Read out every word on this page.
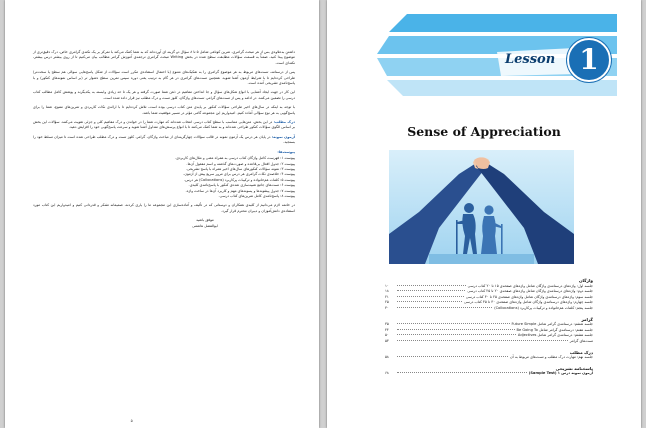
داشتنِ به‌علاوه‌ی بس از هر مبحث گرامری، تمرین کوتاهی شامل ۵ تا ۸ سؤال دو گزینه ای آورده‌اند که به شما کمک می‌کند با تمرکز بر یک نکته‌ی گرامری خاص، درک دقیق‌تری از موضوع پیدا کنید. ضمناً به قسمت سؤالات مطابقت سطح شده در بخش Writing مبحث گرامری ترجمه‌ی آموزش گرامر مطالب بیان می‌کنیم تا از روی بیشتر درس بیشتر، نکته‌ای است.

پس از درسنامه، تست‌های مربوط به هر موضوع گرامری را به تفکیک‌های متنوع (با احتمال استفاده‌ی مکرر است سؤالات از شکل پاسخ‌هایی سوالی هم سطح یا سخت‌تر) طراحی کرده‌ایم تا با شرایط آزمون آشنا شوید. همچنین تست‌های گرامری در هر گام به ترتیب یعنی دوره سپس تمرین سطح دشوار تر (بر اساس نمونه‌های کنکور) و با پاسخ‌نامه‌ی تشریحی آمده است.

این کار در جهت ایجاد آشنایی با انواع شکل‌های سؤال و جا انداختن مفاهیم در ذهن شما صورت گرفته و هر یک تا حد زیادی وابسته به یکدیگرند و پوشش کامل مطالب کتاب درسی را تضمین می‌کنند. در ادامه و پس از تست‌های گرامر، تست‌های واژگان، کلوز تست و درک مطلب نیز قرار داده شده است.

با توجه به اینکه در سال‌های اخیر طراحی سؤالات کنکور بر پایه‌ی متن کتاب درسی بوده است، تلاش کرده‌ایم تا با ارائه‌ی نکات کاربردی و تمرین‌های متنوع، شما را برای پاسخ‌گویی به هر نوع سؤالی آماده کنیم. امیدواریم این مجموعه گامی مؤثر در مسیر موفقیت شما باشد.

درک مطلب: در این بخش، متن‌هایی متناسب با سطح کتاب درسی انتخاب شده‌اند که مهارت شما را در خواندن و درک مفاهیم کلی و جزئی تقویت می‌کنند. سؤالات این بخش بر اساس الگوی سؤالات کنکور طراحی شده‌اند و به شما کمک می‌کنند تا با انواع پرسش‌های متداول آشنا شوید و سرعت پاسخ‌گویی خود را افزایش دهید.

آزمون نمونه: در پایان هر درس یک آزمون نمونه در قالب سؤالات چهارگزینه‌ای از مباحث واژگان، گرامر، کلوز تست و درک مطلب طراحی شده است تا میزان تسلط خود را بسنجید.

پیوست‌ها:

پیوست ۱: فهرست کامل واژگان کتاب درسی به همراه معنی و مثال‌های کاربردی.

پیوست ۲: جدول افعال بی‌قاعده و صورت‌های گذشته و اسم مفعول آن‌ها.

پیوست ۳: نمونه سؤالات کنکورهای سال‌های اخیر همراه با پاسخ تشریحی.

پیوست ۴: خلاصه‌ی نکات گرامری هر درس برای مرور سریع پیش از آزمون.

پیوست ۵: کلمات هم‌خانواده و ترکیبات پرکاربرد (Collocations) هر درس.

پیوست ۶: تست‌های جامع شبیه‌سازی شده‌ی کنکور با پاسخ‌نامه‌ی کلیدی.

پیوست ۷: جدول پیشوندها و پسوندهای مهم و کاربرد آن‌ها در ساخت واژه.

پیوست ۸: پاسخ‌نامه‌ی کامل تمرین‌های کتاب درسی.

در خاتمه لازم می‌دانیم از کلیه‌ی همکاران و دوستانی که در تألیف و آماده‌سازی این مجموعه ما را یاری کردند، صمیمانه تشکر و قدردانی کنیم و امیدواریم این کتاب مورد استفاده‌ی دانش‌آموزان و دبیران محترم قرار گیرد.

موفق باشید
ابوالفضل هاشمی
۵
Lesson 1
Sense of Appreciation
واژگان
جلسه اول: واژه‌های درسنامه‌ی واژگان شامل واژه‌های صفحه‌ی ۱۵ تا ۲۰ کتاب درسی
۱۰
جلسه دوم: واژه‌های درسنامه‌ی واژگان شامل واژه‌های صفحه‌ی ۲۰ تا ۲۵ کتاب درسی
۱۸
جلسه سوم: واژه‌های درسنامه‌ی واژگان شامل واژه‌های صفحه‌ی ۲۵ تا ۳۰ کتاب درسی
۲۱
جلسه چهارم: واژه‌های درسنامه‌ی واژگان شامل واژه‌های صفحه‌ی ۳۰ تا ۳۵ کتاب درسی
۲۵
جلسه پنجم: کلمات هم‌خانواده و ترکیبات پرکاربرد (Collocations)
۳۰
گرامر
جلسه ششم: درسنامه‌ی گرامر شامل Future Simple
۳۵
جلسه هفتم: درسنامه‌ی گرامر شامل Be Going To
۴۴
جلسه هشتم: درسنامه‌ی گرامر شامل Adjectives
۵۰
تست‌های گرامر
۵۳
درک مطلب
جلسه نهم: مهارت درک مطلب و تست‌های مربوط به آن
۵۸
پاسخنامه تشریحی
آزمون نمونه درس ۱ (Sample Test)
۶۸
